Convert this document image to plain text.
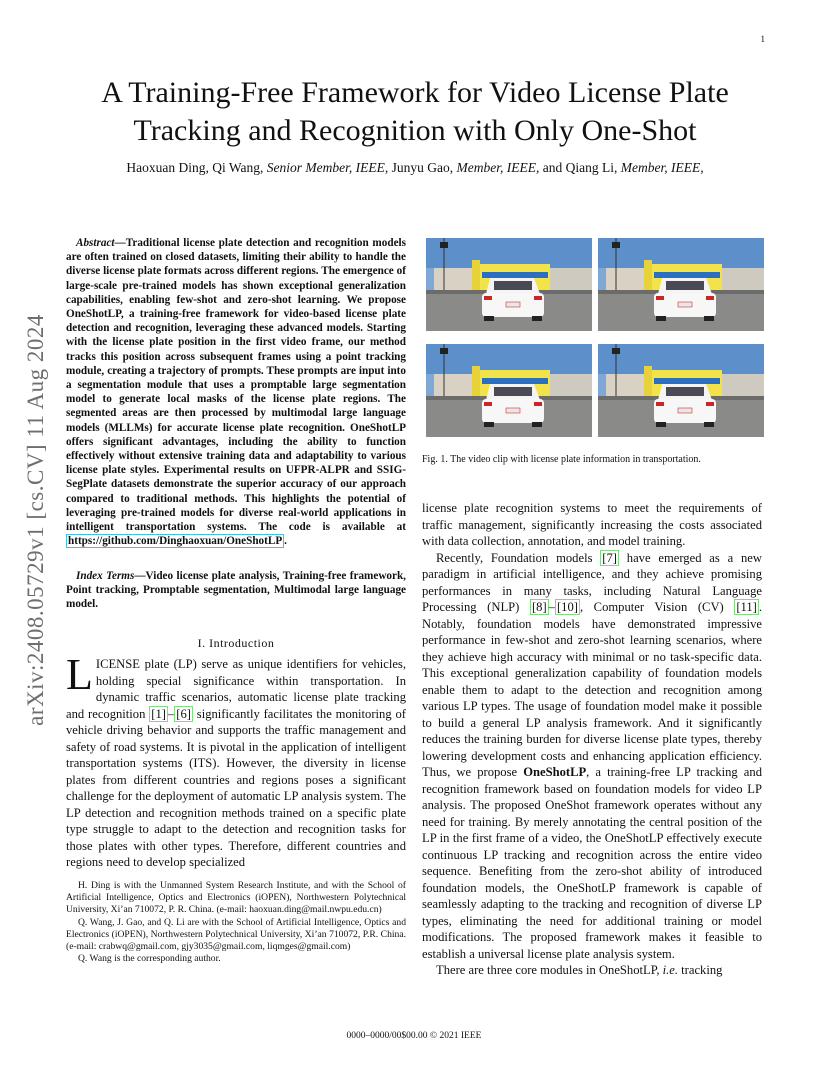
1
arXiv:2408.05729v1 [cs.CV] 11 Aug 2024
A Training-Free Framework for Video License Plate
Tracking and Recognition with Only One-Shot
Haoxuan Ding, Qi Wang, Senior Member, IEEE, Junyu Gao, Member, IEEE, and Qiang Li, Member, IEEE,
Abstract—Traditional license plate detection and recognition models are often trained on closed datasets, limiting their ability to handle the diverse license plate formats across different regions. The emergence of large-scale pre-trained models has shown exceptional generalization capabilities, enabling few-shot and zero-shot learning. We propose OneShotLP, a training-free framework for video-based license plate detection and recognition, leveraging these advanced models. Starting with the license plate position in the first video frame, our method tracks this position across subsequent frames using a point tracking module, creating a trajectory of prompts. These prompts are input into a segmentation module that uses a promptable large segmentation model to generate local masks of the license plate regions. The segmented areas are then processed by multimodal large language models (MLLMs) for accurate license plate recognition. OneShotLP offers significant advantages, including the ability to function effectively without extensive training data and adaptability to various license plate styles. Experimental results on UFPR-ALPR and SSIG-SegPlate datasets demonstrate the superior accuracy of our approach compared to traditional methods. This highlights the potential of leveraging pre-trained models for diverse real-world applications in intelligent transportation systems. The code is available at https://github.com/Dinghaoxuan/OneShotLP .
Index Terms—Video license plate analysis, Training-free framework, Point tracking, Promptable segmentation, Multimodal large language model.
I. Introduction
LICENSE plate (LP) serve as unique identifiers for vehicles, holding special significance within transportation. In dynamic traffic scenarios, automatic license plate tracking and recognition [1] – [6] significantly facilitates the monitoring of vehicle driving behavior and supports the traffic management and safety of road systems. It is pivotal in the application of intelligent transportation systems (ITS). However, the diversity in license plates from different countries and regions poses a significant challenge for the deployment of automatic LP analysis system. The LP detection and recognition methods trained on a specific plate type struggle to adapt to the detection and recognition tasks for those plates with other types. Therefore, different countries and regions need to develop specialized

H. Ding is with the Unmanned System Research Institute, and with the School of Artificial Intelligence, Optics and Electronics (iOPEN), Northwestern Polytechnical University, Xi’an 710072, P. R. China. (e-mail: haoxuan.ding@mail.nwpu.edu.cn)

Q. Wang, J. Gao, and Q. Li are with the School of Artificial Intelligence, Optics and Electronics (iOPEN), Northwestern Polytechnical University, Xi’an 710072, P.R. China. (e-mail: crabwq@gmail.com, gjy3035@gmail.com, liqmges@gmail.com)

Q. Wang is the corresponding author.

Fig. 1. The video clip with license plate information in transportation.

license plate recognition systems to meet the requirements of traffic management, significantly increasing the costs associated with data collection, annotation, and model training.

Recently, Foundation models [7] have emerged as a new paradigm in artificial intelligence, and they achieve promising performances in many tasks, including Natural Language Processing (NLP) [8] – [10] , Computer Vision (CV) [11] . Notably, foundation models have demonstrated impressive performance in few-shot and zero-shot learning scenarios, where they achieve high accuracy with minimal or no task-specific data. This exceptional generalization capability of foundation models enable them to adapt to the detection and recognition among various LP types. The usage of foundation model make it possible to build a general LP analysis framework. And it significantly reduces the training burden for diverse license plate types, thereby lowering development costs and enhancing application efficiency. Thus, we propose OneShotLP, a training-free LP tracking and recognition framework based on foundation models for video LP analysis. The proposed OneShot framework operates without any need for training. By merely annotating the central position of the LP in the first frame of a video, the OneShotLP effectively execute continuous LP tracking and recognition across the entire video sequence. Benefiting from the zero-shot ability of introduced foundation models, the OneShotLP framework is capable of seamlessly adapting to the tracking and recognition of diverse LP types, eliminating the need for additional training or model modifications. The proposed framework makes it feasible to establish a universal license plate analysis system.

There are three core modules in OneShotLP, i.e. tracking

0000–0000/00$00.00 © 2021 IEEE
